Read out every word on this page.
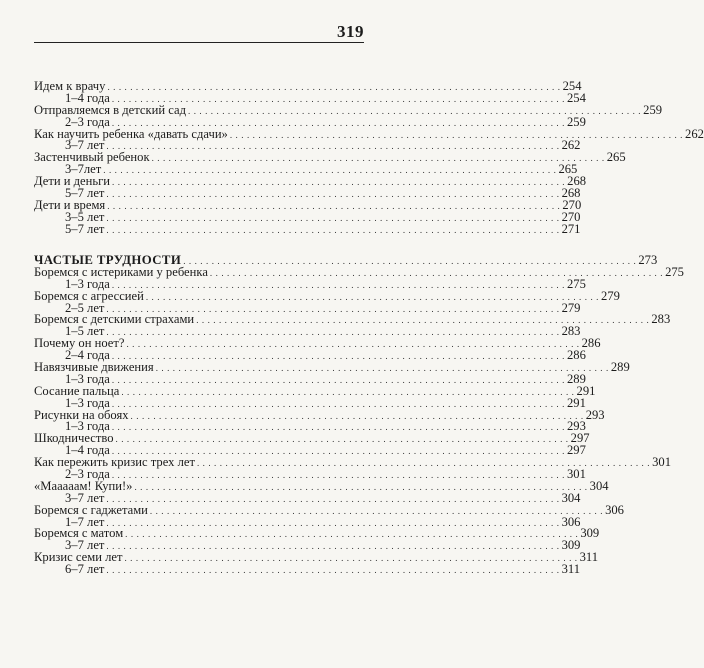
319
Идем к врачу . . . . . . . . . . . . . . . . . . . . . . . . . . . . . . . . . . . . . . . . . . . . . . . . . . . . . . . . . . . . . . . . . . . . . . . . . . . . . . . . 254
1–4 года . . . . . . . . . . . . . . . . . . . . . . . . . . . . . . . . . . . . . . . . . . . . . . . . . . . . . . . . . . . . . . . . . . . . . . . . . . . . . . . . 254
Отправляемся в детский сад . . . . . . . . . . . . . . . . . . . . . . . . . . . . . . . . . . . . . . . . . . . . . . . . . . . . . . . . . . . . . . . . . . . . . . . . . . . . . . . . 259
2–3 года . . . . . . . . . . . . . . . . . . . . . . . . . . . . . . . . . . . . . . . . . . . . . . . . . . . . . . . . . . . . . . . . . . . . . . . . . . . . . . . . 259
Как научить ребенка «давать сдачи» . . . . . . . . . . . . . . . . . . . . . . . . . . . . . . . . . . . . . . . . . . . . . . . . . . . . . . . . . . . . . . . . . . . . . . . . . . . . . . . . 262
3–7 лет . . . . . . . . . . . . . . . . . . . . . . . . . . . . . . . . . . . . . . . . . . . . . . . . . . . . . . . . . . . . . . . . . . . . . . . . . . . . . . . . 262
Застенчивый ребенок . . . . . . . . . . . . . . . . . . . . . . . . . . . . . . . . . . . . . . . . . . . . . . . . . . . . . . . . . . . . . . . . . . . . . . . . . . . . . . . . 265
3–7лет . . . . . . . . . . . . . . . . . . . . . . . . . . . . . . . . . . . . . . . . . . . . . . . . . . . . . . . . . . . . . . . . . . . . . . . . . . . . . . . . 265
Дети и деньги . . . . . . . . . . . . . . . . . . . . . . . . . . . . . . . . . . . . . . . . . . . . . . . . . . . . . . . . . . . . . . . . . . . . . . . . . . . . . . . . 268
5–7 лет . . . . . . . . . . . . . . . . . . . . . . . . . . . . . . . . . . . . . . . . . . . . . . . . . . . . . . . . . . . . . . . . . . . . . . . . . . . . . . . . 268
Дети и время . . . . . . . . . . . . . . . . . . . . . . . . . . . . . . . . . . . . . . . . . . . . . . . . . . . . . . . . . . . . . . . . . . . . . . . . . . . . . . . . 270
3–5 лет . . . . . . . . . . . . . . . . . . . . . . . . . . . . . . . . . . . . . . . . . . . . . . . . . . . . . . . . . . . . . . . . . . . . . . . . . . . . . . . . 270
5–7 лет . . . . . . . . . . . . . . . . . . . . . . . . . . . . . . . . . . . . . . . . . . . . . . . . . . . . . . . . . . . . . . . . . . . . . . . . . . . . . . . . 271
ЧАСТЫЕ ТРУДНОСТИ . . . . . . . . . . . . . . . . . . . . . . . . . . . . . . . . . . . . . . . . . . . . . . . . . . . . . . . . . . . . . . . . . . . . . . . . . . . . . . . . 273
Боремся с истериками у ребенка . . . . . . . . . . . . . . . . . . . . . . . . . . . . . . . . . . . . . . . . . . . . . . . . . . . . . . . . . . . . . . . . . . . . . . . . . . . . . . . . 275
1–3 года . . . . . . . . . . . . . . . . . . . . . . . . . . . . . . . . . . . . . . . . . . . . . . . . . . . . . . . . . . . . . . . . . . . . . . . . . . . . . . . . 275
Боремся с агрессией . . . . . . . . . . . . . . . . . . . . . . . . . . . . . . . . . . . . . . . . . . . . . . . . . . . . . . . . . . . . . . . . . . . . . . . . . . . . . . . . 279
2–5 лет . . . . . . . . . . . . . . . . . . . . . . . . . . . . . . . . . . . . . . . . . . . . . . . . . . . . . . . . . . . . . . . . . . . . . . . . . . . . . . . . 279
Боремся с детскими страхами . . . . . . . . . . . . . . . . . . . . . . . . . . . . . . . . . . . . . . . . . . . . . . . . . . . . . . . . . . . . . . . . . . . . . . . . . . . . . . . . 283
1–5 лет . . . . . . . . . . . . . . . . . . . . . . . . . . . . . . . . . . . . . . . . . . . . . . . . . . . . . . . . . . . . . . . . . . . . . . . . . . . . . . . . 283
Почему он ноет? . . . . . . . . . . . . . . . . . . . . . . . . . . . . . . . . . . . . . . . . . . . . . . . . . . . . . . . . . . . . . . . . . . . . . . . . . . . . . . . . 286
2–4 года . . . . . . . . . . . . . . . . . . . . . . . . . . . . . . . . . . . . . . . . . . . . . . . . . . . . . . . . . . . . . . . . . . . . . . . . . . . . . . . . 286
Навязчивые движения . . . . . . . . . . . . . . . . . . . . . . . . . . . . . . . . . . . . . . . . . . . . . . . . . . . . . . . . . . . . . . . . . . . . . . . . . . . . . . . . 289
1–3 года . . . . . . . . . . . . . . . . . . . . . . . . . . . . . . . . . . . . . . . . . . . . . . . . . . . . . . . . . . . . . . . . . . . . . . . . . . . . . . . . 289
Сосание пальца . . . . . . . . . . . . . . . . . . . . . . . . . . . . . . . . . . . . . . . . . . . . . . . . . . . . . . . . . . . . . . . . . . . . . . . . . . . . . . . . 291
1–3 года . . . . . . . . . . . . . . . . . . . . . . . . . . . . . . . . . . . . . . . . . . . . . . . . . . . . . . . . . . . . . . . . . . . . . . . . . . . . . . . . 291
Рисунки на обоях . . . . . . . . . . . . . . . . . . . . . . . . . . . . . . . . . . . . . . . . . . . . . . . . . . . . . . . . . . . . . . . . . . . . . . . . . . . . . . . . 293
1–3 года . . . . . . . . . . . . . . . . . . . . . . . . . . . . . . . . . . . . . . . . . . . . . . . . . . . . . . . . . . . . . . . . . . . . . . . . . . . . . . . . 293
Шкодничество . . . . . . . . . . . . . . . . . . . . . . . . . . . . . . . . . . . . . . . . . . . . . . . . . . . . . . . . . . . . . . . . . . . . . . . . . . . . . . . . 297
1–4 года . . . . . . . . . . . . . . . . . . . . . . . . . . . . . . . . . . . . . . . . . . . . . . . . . . . . . . . . . . . . . . . . . . . . . . . . . . . . . . . . 297
Как пережить кризис трех лет . . . . . . . . . . . . . . . . . . . . . . . . . . . . . . . . . . . . . . . . . . . . . . . . . . . . . . . . . . . . . . . . . . . . . . . . . . . . . . . . 301
2–3 года . . . . . . . . . . . . . . . . . . . . . . . . . . . . . . . . . . . . . . . . . . . . . . . . . . . . . . . . . . . . . . . . . . . . . . . . . . . . . . . . 301
«Мааааам! Купи!» . . . . . . . . . . . . . . . . . . . . . . . . . . . . . . . . . . . . . . . . . . . . . . . . . . . . . . . . . . . . . . . . . . . . . . . . . . . . . . . . 304
3–7 лет . . . . . . . . . . . . . . . . . . . . . . . . . . . . . . . . . . . . . . . . . . . . . . . . . . . . . . . . . . . . . . . . . . . . . . . . . . . . . . . . 304
Боремся с гаджетами . . . . . . . . . . . . . . . . . . . . . . . . . . . . . . . . . . . . . . . . . . . . . . . . . . . . . . . . . . . . . . . . . . . . . . . . . . . . . . . . 306
1–7 лет . . . . . . . . . . . . . . . . . . . . . . . . . . . . . . . . . . . . . . . . . . . . . . . . . . . . . . . . . . . . . . . . . . . . . . . . . . . . . . . . 306
Боремся с матом . . . . . . . . . . . . . . . . . . . . . . . . . . . . . . . . . . . . . . . . . . . . . . . . . . . . . . . . . . . . . . . . . . . . . . . . . . . . . . . . 309
3–7 лет . . . . . . . . . . . . . . . . . . . . . . . . . . . . . . . . . . . . . . . . . . . . . . . . . . . . . . . . . . . . . . . . . . . . . . . . . . . . . . . . 309
Кризис семи лет . . . . . . . . . . . . . . . . . . . . . . . . . . . . . . . . . . . . . . . . . . . . . . . . . . . . . . . . . . . . . . . . . . . . . . . . . . . . . . . . 311
6–7 лет . . . . . . . . . . . . . . . . . . . . . . . . . . . . . . . . . . . . . . . . . . . . . . . . . . . . . . . . . . . . . . . . . . . . . . . . . . . . . . . . 311
